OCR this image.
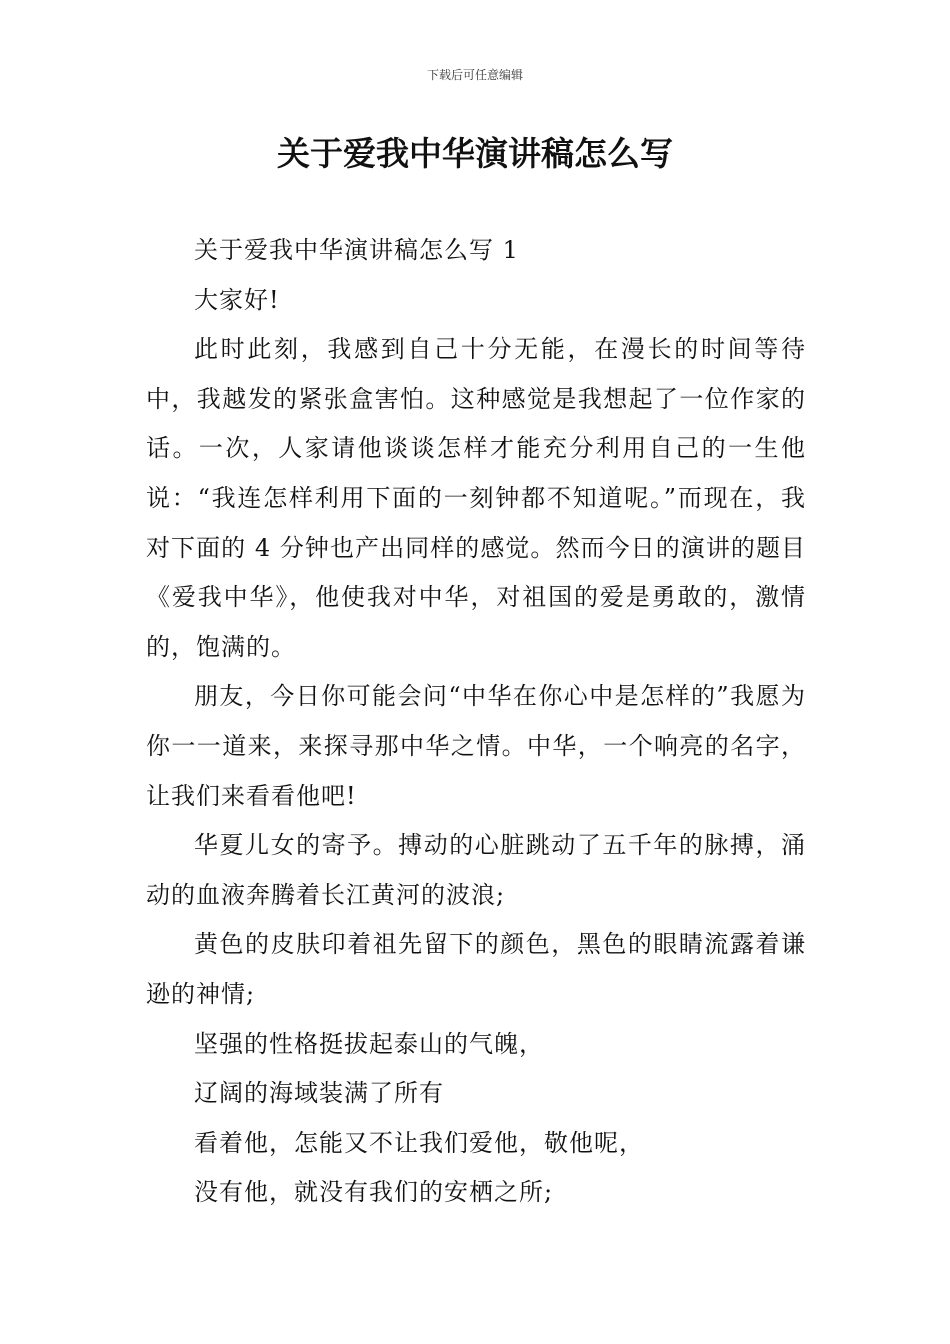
下载后可任意编辑
关于爱我中华演讲稿怎么写

关于爱我中华演讲稿怎么写 1

大家好!

此时此刻，我感到自己十分无能，在漫长的时间等待中，我越发的紧张盒害怕。这种感觉是我想起了一位作家的话。一次，人家请他谈谈怎样才能充分利用自己的一生他说：“我连怎样利用下面的一刻钟都不知道呢。”而现在，我对下面的 4 分钟也产出同样的感觉。然而今日的演讲的题目《爱我中华》，他使我对中华，对祖国的爱是勇敢的，激情的，饱满的。

朋友，今日你可能会问“中华在你心中是怎样的”我愿为你一一道来，来探寻那中华之情。中华，一个响亮的名字，让我们来看看他吧!

华夏儿女的寄予。搏动的心脏跳动了五千年的脉搏，涌动的血液奔腾着长江黄河的波浪;

黄色的皮肤印着祖先留下的颜色，黑色的眼睛流露着谦逊的神情;

坚强的性格挺拔起泰山的气魄，

辽阔的海域装满了所有

看着他，怎能又不让我们爱他，敬他呢，

没有他，就没有我们的安栖之所;
